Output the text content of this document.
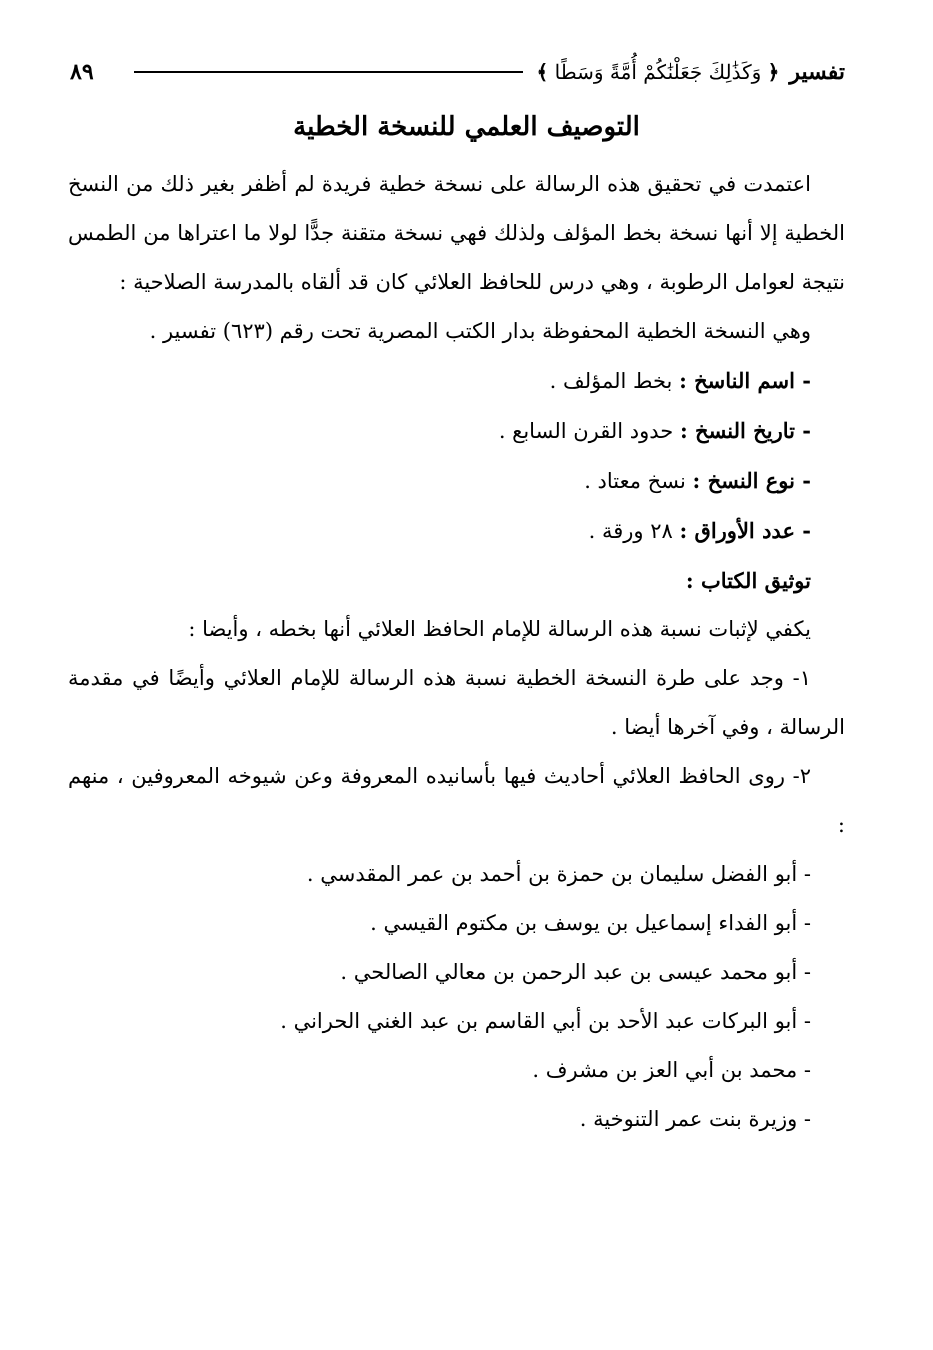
تفسير
﴿ وَكَذَٰلِكَ جَعَلْنَٰكُمْ أُمَّةً وَسَطًا ﴾
٨٩
التوصيف العلمي للنسخة الخطية

اعتمدت في تحقيق هذه الرسالة على نسخة خطية فريدة لم أظفر بغير ذلك من النسخ الخطية إلا أنها نسخة بخط المؤلف ولذلك فهي نسخة متقنة جدًّا لولا ما اعتراها من الطمس نتيجة لعوامل الرطوبة ، وهي درس للحافظ العلائي كان قد ألقاه بالمدرسة الصلاحية :

وهي النسخة الخطية المحفوظة بدار الكتب المصرية تحت رقم (٦٢٣) تفسير .

- اسم الناسخ : بخط المؤلف .

- تاريخ النسخ : حدود القرن السابع .

- نوع النسخ : نسخ معتاد .

- عدد الأوراق : ٢٨ ورقة .

توثيق الكتاب :

يكفي لإثبات نسبة هذه الرسالة للإمام الحافظ العلائي أنها بخطه ، وأيضا :

١- وجد على طرة النسخة الخطية نسبة هذه الرسالة للإمام العلائي وأيضًا في مقدمة الرسالة ، وفي آخرها أيضا .

٢- روى الحافظ العلائي أحاديث فيها بأسانيده المعروفة وعن شيوخه المعروفين ، منهم :

- أبو الفضل سليمان بن حمزة بن أحمد بن عمر المقدسي .
- أبو الفداء إسماعيل بن يوسف بن مكتوم القيسي .
- أبو محمد عيسى بن عبد الرحمن بن معالي الصالحي .
- أبو البركات عبد الأحد بن أبي القاسم بن عبد الغني الحراني .
- محمد بن أبي العز بن مشرف .
- وزيرة بنت عمر التنوخية .
